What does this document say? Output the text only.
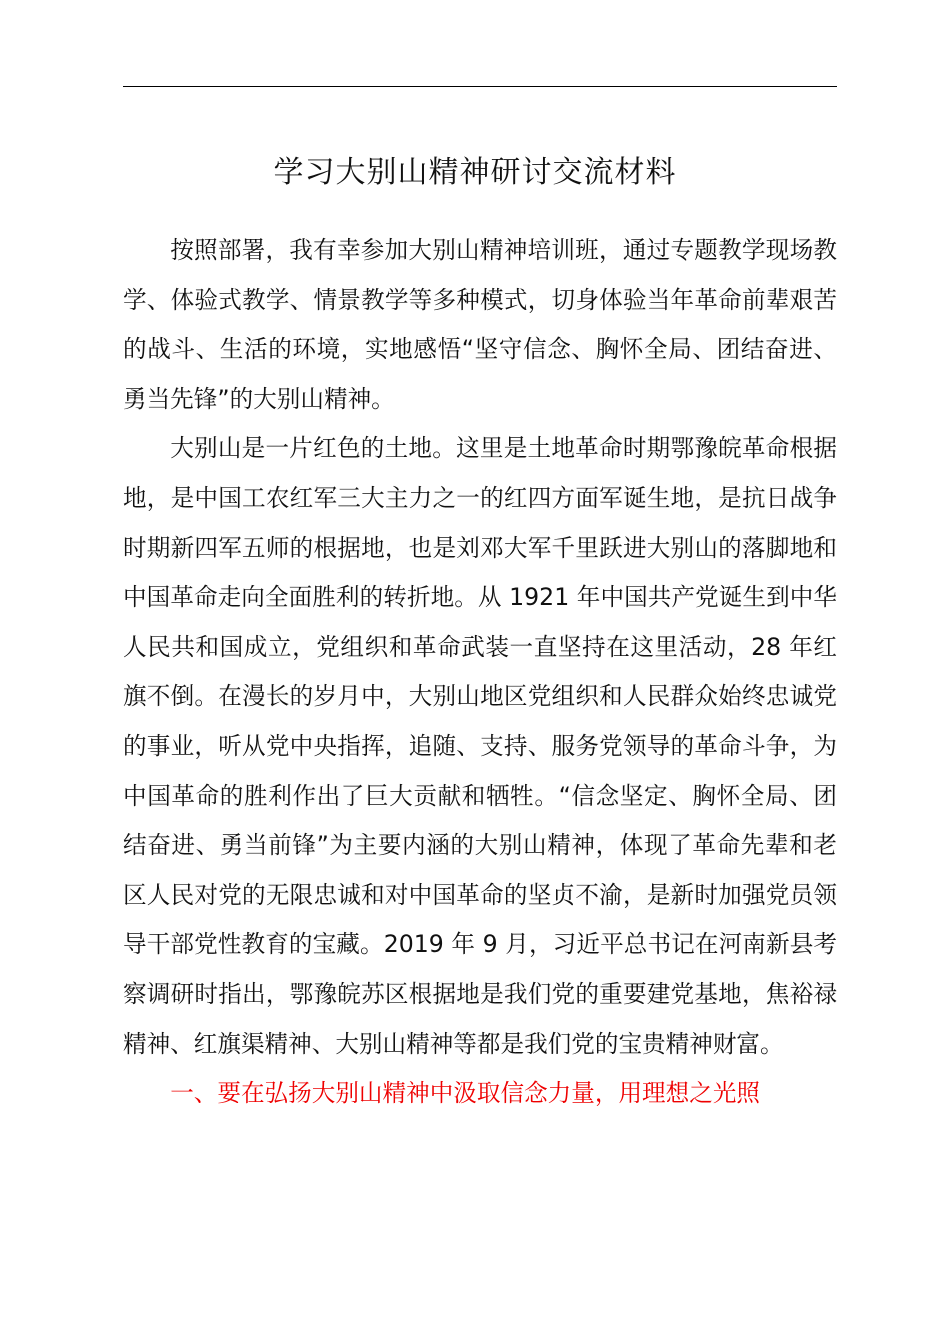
学习大别山精神研讨交流材料

按照部署，我有幸参加大别山精神培训班，通过专题教学现场教学、体验式教学、情景教学等多种模式，切身体验当年革命前辈艰苦的战斗、生活的环境，实地感悟“坚守信念、胸怀全局、团结奋进、勇当先锋”的大别山精神。

大别山是一片红色的土地。这里是土地革命时期鄂豫皖革命根据地，是中国工农红军三大主力之一的红四方面军诞生地，是抗日战争时期新四军五师的根据地，也是刘邓大军千里跃进大别山的落脚地和中国革命走向全面胜利的转折地。从 1921 年中国共产党诞生到中华人民共和国成立，党组织和革命武装一直坚持在这里活动，28 年红旗不倒。在漫长的岁月中，大别山地区党组织和人民群众始终忠诚党的事业，听从党中央指挥，追随、支持、服务党领导的革命斗争，为中国革命的胜利作出了巨大贡献和牺牲。“信念坚定、胸怀全局、团结奋进、勇当前锋”为主要内涵的大别山精神，体现了革命先辈和老区人民对党的无限忠诚和对中国革命的坚贞不渝，是新时加强党员领导干部党性教育的宝藏。2019 年 9 月，习近平总书记在河南新县考察调研时指出，鄂豫皖苏区根据地是我们党的重要建党基地，焦裕禄精神、红旗渠精神、大别山精神等都是我们党的宝贵精神财富。

一、要在弘扬大别山精神中汲取信念力量，用理想之光照
